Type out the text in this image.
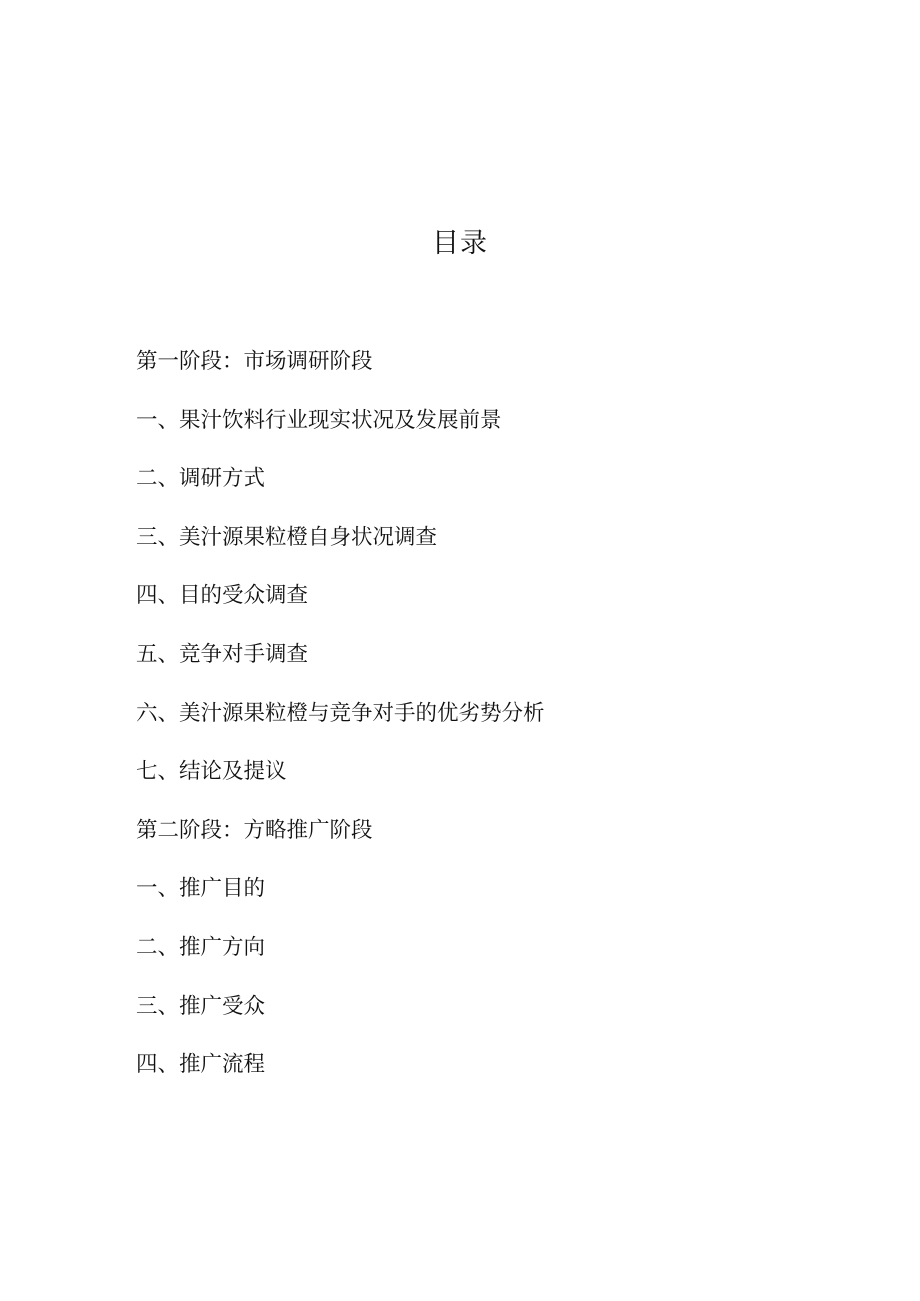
目录
第一阶段：市场调研阶段
一、果汁饮料行业现实状况及发展前景
二、调研方式
三、美汁源果粒橙自身状况调查
四、目的受众调查
五、竞争对手调查
六、美汁源果粒橙与竞争对手的优劣势分析
七、结论及提议
第二阶段：方略推广阶段
一、推广目的
二、推广方向
三、推广受众
四、推广流程
